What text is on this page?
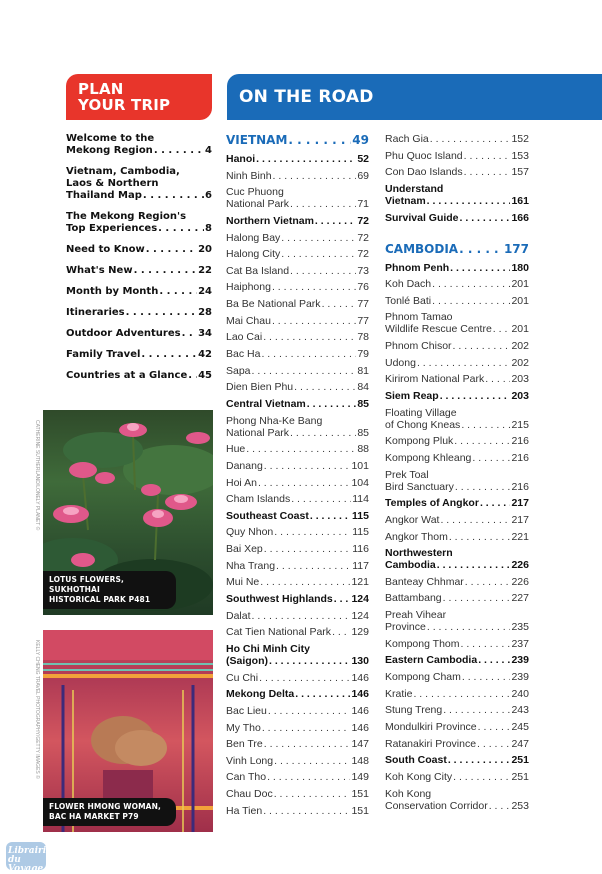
PLAN
YOUR TRIP	ON THE ROAD
Welcome to the
Mekong Region . . .	4
Vietnam, Cambodia,
Laos & Northern
Thailand Map . . .	6
The Mekong Region's
Top Experiences . . .	8
Need to Know . . .	20
What's New . . .	22
Month by Month . . .	24
Itineraries . . .	28
Outdoor Adventures . . . 34
Family Travel . . .	42
Countries at a Glance . . . 45
LOTUS FLOWERS, SUKHOTHAI
HISTORICAL PARK P481
CATHERINE SUTHERLAND/LONELY PLANET ©
FLOWER HMONG WOMAN,
BAC HA MARKET P79
KELLY CHENG TRAVEL PHOTOGRAPHY/GETTY IMAGES ©
VIETNAM . . .	49
Hanoi . . .	52
Ninh Binh . . .	69
Cuc Phuong
National Park . . .	71
Northern Vietnam . . .	72
Halong Bay . . .	72
Halong City . . .	72
Cat Ba Island . . .	73
Haiphong . . .	76
Ba Be National Park . . .	77
Mai Chau . . .	77
Lao Cai . . .	78
Bac Ha . . .	79
Sapa . . .	81
Dien Bien Phu . . .	84
Central Vietnam . . .	85
Phong Nha-Ke Bang
National Park . . .	85
Hue . . .	88
Danang . . .	101
Hoi An . . .	104
Cham Islands . . .	114
Southeast Coast . . .	115
Quy Nhon . . .	115
Bai Xep . . .	116
Nha Trang . . .	117
Mui Ne . . .	121
Southwest Highlands . . . 124
Dalat . . .	124
Cat Tien National Park . . . 129
Ho Chi Minh City
(Saigon) . . .	130
Cu Chi . . .	146
Mekong Delta . . .	146
Bac Lieu . . .	146
My Tho . . .	146
Ben Tre . . .	147
Vinh Long . . .	148
Can Tho . . .	149
Chau Doc . . .	151
Ha Tien . . .	151
Rach Gia . . .	152
Phu Quoc Island . . .	153
Con Dao Islands . . .	157
Understand
Vietnam . . .	161
Survival Guide . . .	166
CAMBODIA . . .	177
Phnom Penh . . .	180
Koh Dach . . .	201
Tonlé Bati . . .	201
Phnom Tamao
Wildlife Rescue Centre . . . 201
Phnom Chisor . . .	202
Udong . . .	202
Kirirom National Park . . .	203
Siem Reap . . .	203
Floating Village
of Chong Kneas . . .	215
Kompong Pluk . . .	216
Kompong Khleang . . .	216
Prek Toal
Bird Sanctuary . . .	216
Temples of Angkor . . .	217
Angkor Wat . . .	217
Angkor Thom . . .	221
Northwestern
Cambodia . . .	226
Banteay Chhmar . . .	226
Battambang . . .	227
Preah Vihear
Province . . .	235
Kompong Thom . . .	237
Eastern Cambodia . . .	239
Kompong Cham . . .	239
Kratie . . .	240
Stung Treng . . .	243
Mondulkiri Province . . .	245
Ratanakiri Province . . .	247
South Coast . . .	251
Koh Kong City . . .	251
Koh Kong
Conservation Corridor . . . 253
Librairie
du Voyage
